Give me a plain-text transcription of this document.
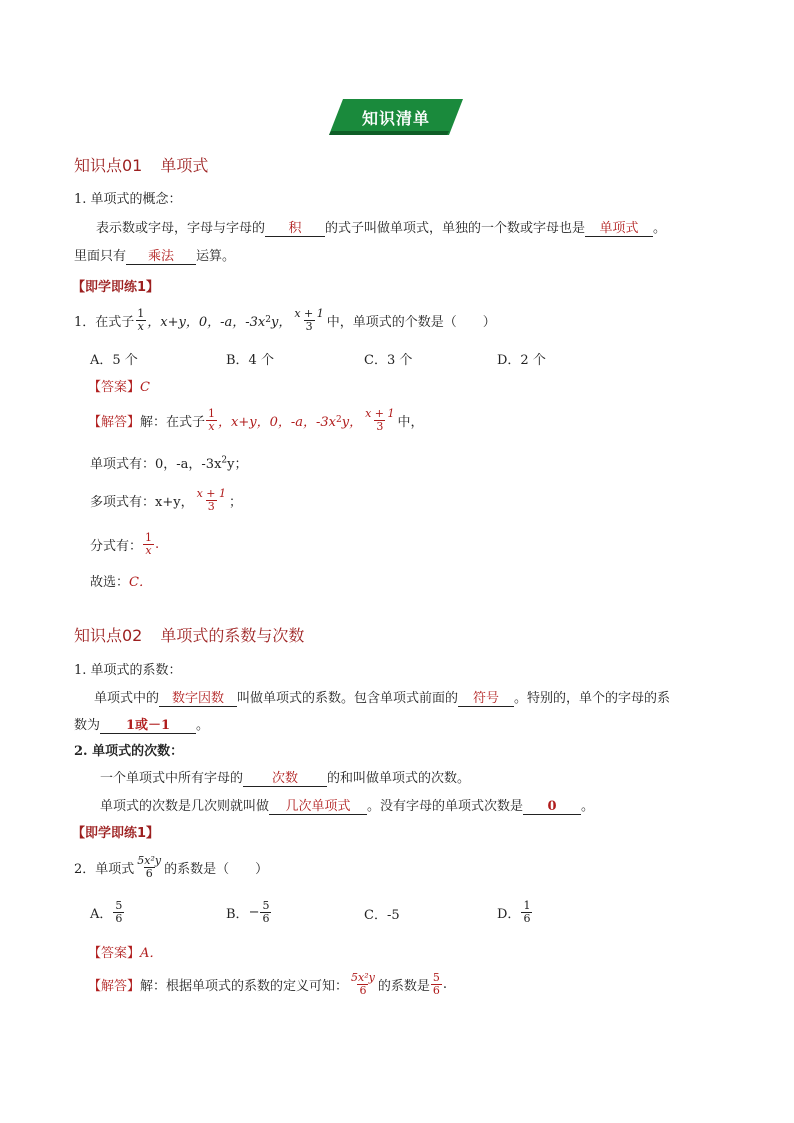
知识清单
知识点01 单项式
1. 单项式的概念：
表示数或字母，字母与字母的 积 的式子叫做单项式，单独的一个数或字母也是 单项式 。
里面只有 乘法 运算。
【即学即练1】
1．在式子 $\frac{1}{x}$ ，x+y，0，-a，-3x 2 y， $\frac{x + 1}{3}$ 中，单项式的个数是（　　）
A．5 个	B．4 个	C．3 个	D．2 个
【答案】C
【解答】 解：在式子 $\frac{1}{x}$ ，x+y，0，-a，-3x 2 y， $\frac{x + 1}{3}$ 中，
单项式有：0，-a，$-3x^2y$；
多项式有：x+y， $\frac{x + 1}{3}$ ；
分式有： $\frac{1}{x}$ .
故选：C．
知识点02 单项式的系数与次数
1. 单项式的系数：
单项式中的 数字因数 叫做单项式的系数。包含单项式前面的 符号 。特别的，单个的字母的系
数为 1或－1 。
2. 单项式的次数：
一个单项式中所有字母的 次数 的和叫做单项式的次数。
单项式的次数是几次则就叫做 几次单项式 。没有字母的单项式次数是 0 。
【即学即练1】
2．单项式 $\frac{\text{5x²y}}{6}$ 的系数是（　　）
A． $\frac{5}{6}$	B． − $\frac{5}{6}$	C．-5	D． $\frac{1}{6}$
【答案】A．
【解答】 解：根据单项式的系数的定义可知： $\frac{\text{5x²y}}{6}$ 的系数是 $\frac{5}{6}$ .
